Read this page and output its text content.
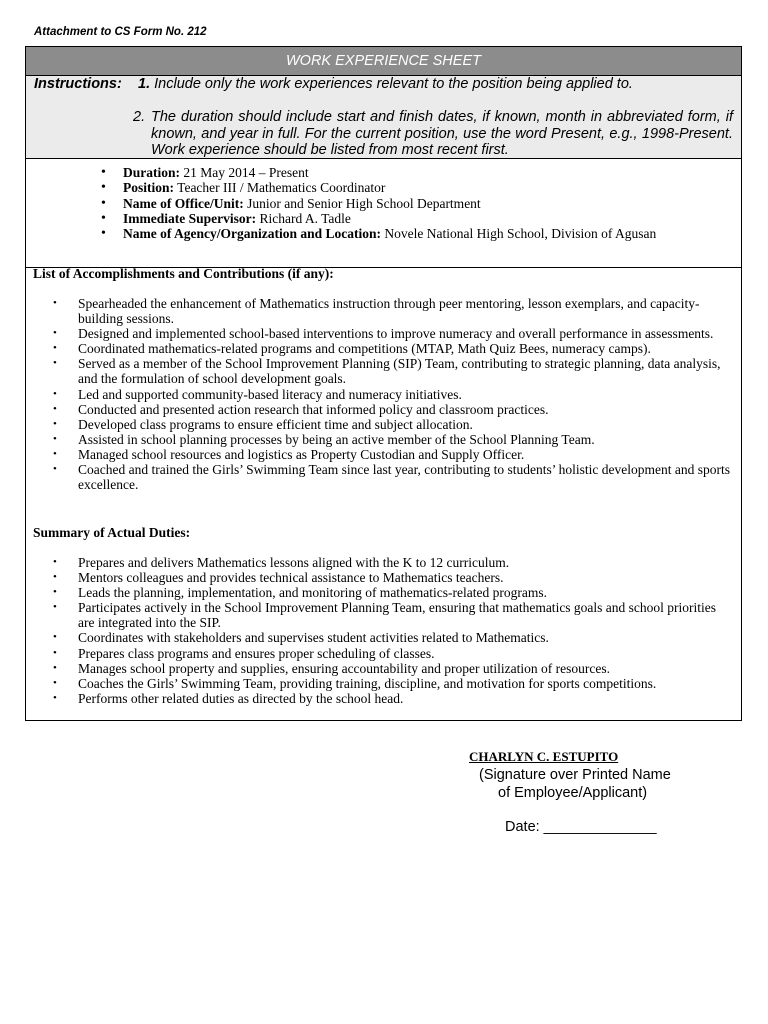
Attachment to CS Form No. 212
WORK EXPERIENCE SHEET
Instructions: 1. Include only the work experiences relevant to the position being applied to.
2. The duration should include start and finish dates, if known, month in abbreviated form, if known, and year in full. For the current position, use the word Present, e.g., 1998-Present. Work experience should be listed from most recent first.
• Duration: 21 May 2014 – Present
• Position: Teacher III / Mathematics Coordinator
• Name of Office/Unit: Junior and Senior High School Department
• Immediate Supervisor: Richard A. Tadle
• Name of Agency/Organization and Location: Novele National High School, Division of Agusan
List of Accomplishments and Contributions (if any):
• Spearheaded the enhancement of Mathematics instruction through peer mentoring, lesson exemplars, and capacity-building sessions.
• Designed and implemented school-based interventions to improve numeracy and overall performance in assessments.
• Coordinated mathematics-related programs and competitions (MTAP, Math Quiz Bees, numeracy camps).
• Served as a member of the School Improvement Planning (SIP) Team, contributing to strategic planning, data analysis, and the formulation of school development goals.
• Led and supported community-based literacy and numeracy initiatives.
• Conducted and presented action research that informed policy and classroom practices.
• Developed class programs to ensure efficient time and subject allocation.
• Assisted in school planning processes by being an active member of the School Planning Team.
• Managed school resources and logistics as Property Custodian and Supply Officer.
• Coached and trained the Girls’ Swimming Team since last year, contributing to students’ holistic development and sports excellence.
Summary of Actual Duties:
• Prepares and delivers Mathematics lessons aligned with the K to 12 curriculum.
• Mentors colleagues and provides technical assistance to Mathematics teachers.
• Leads the planning, implementation, and monitoring of mathematics-related programs.
• Participates actively in the School Improvement Planning Team, ensuring that mathematics goals and school priorities are integrated into the SIP.
• Coordinates with stakeholders and supervises student activities related to Mathematics.
• Prepares class programs and ensures proper scheduling of classes.
• Manages school property and supplies, ensuring accountability and proper utilization of resources.
• Coaches the Girls’ Swimming Team, providing training, discipline, and motivation for sports competitions.
• Performs other related duties as directed by the school head.
CHARLYN C. ESTUPITO
(Signature over Printed Name
of Employee/Applicant)
Date: ______________
